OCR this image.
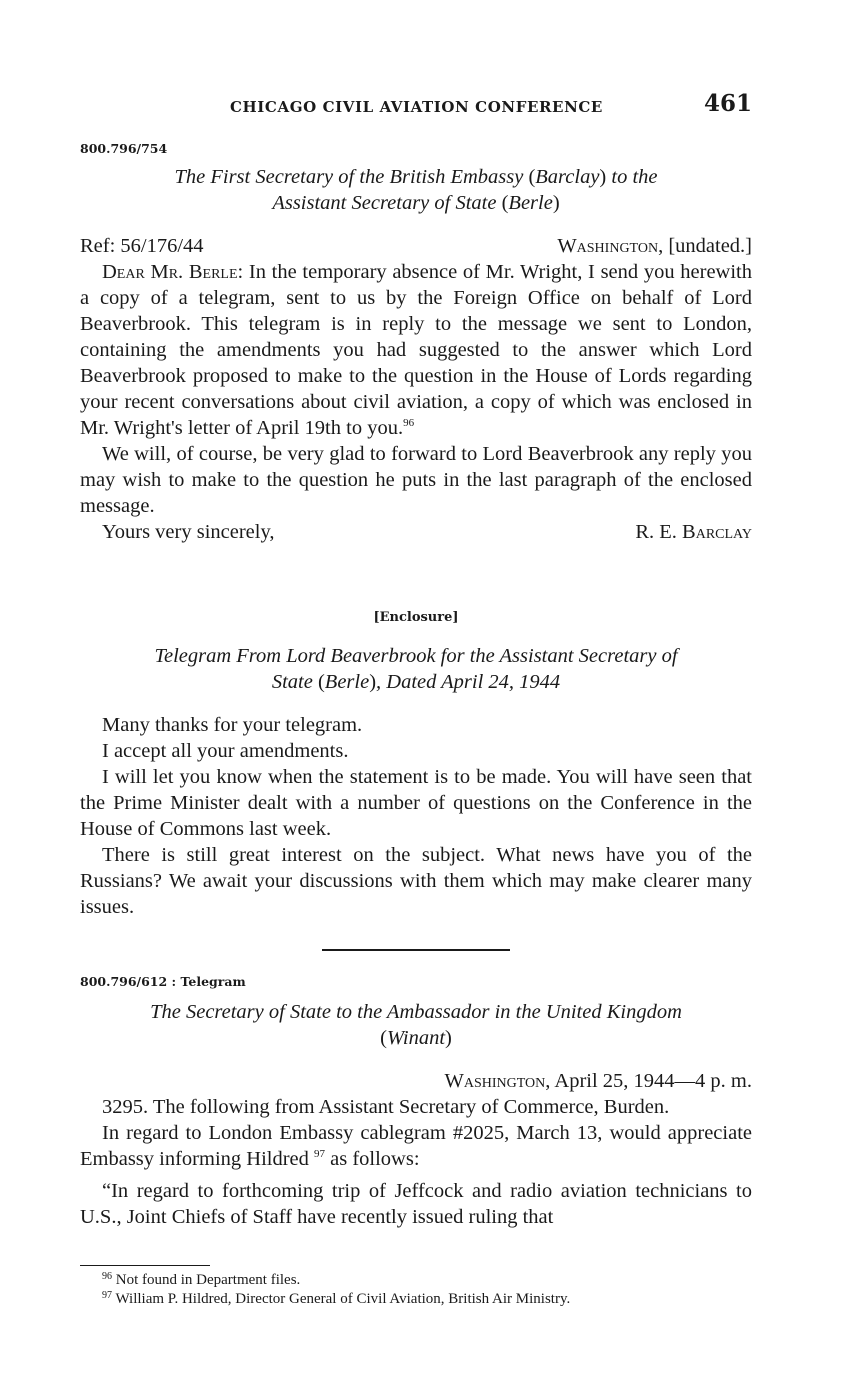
CHICAGO CIVIL AVIATION CONFERENCE	461
800.796/754
The First Secretary of the British Embassy (Barclay) to the
Assistant Secretary of State (Berle)
Ref: 56/176/44	Washington, [undated.]

Dear Mr. Berle: In the temporary absence of Mr. Wright, I send you herewith a copy of a telegram, sent to us by the Foreign Office on behalf of Lord Beaverbrook. This telegram is in reply to the message we sent to London, containing the amendments you had suggested to the answer which Lord Beaverbrook proposed to make to the question in the House of Lords regarding your recent conversations about civil aviation, a copy of which was enclosed in Mr. Wright's letter of April 19th to you.$^{96}$

We will, of course, be very glad to forward to Lord Beaverbrook any reply you may wish to make to the question he puts in the last paragraph of the enclosed message.

Yours very sincerely,	R. E. Barclay
[Enclosure]
Telegram From Lord Beaverbrook for the Assistant Secretary of
State (Berle), Dated April 24, 1944

Many thanks for your telegram.

I accept all your amendments.

I will let you know when the statement is to be made. You will have seen that the Prime Minister dealt with a number of questions on the Conference in the House of Commons last week.

There is still great interest on the subject. What news have you of the Russians? We await your discussions with them which may make clearer many issues.

800.796/612 : Telegram
The Secretary of State to the Ambassador in the United Kingdom
(Winant)
Washington, April 25, 1944—4 p. m.

3295. The following from Assistant Secretary of Commerce, Burden.

In regard to London Embassy cablegram #2025, March 13, would appreciate Embassy informing Hildred $^{97}$ as follows:

“In regard to forthcoming trip of Jeffcock and radio aviation technicians to U.S., Joint Chiefs of Staff have recently issued ruling that

$^{96}$ Not found in Department files.
$^{97}$ William P. Hildred, Director General of Civil Aviation, British Air Ministry.
